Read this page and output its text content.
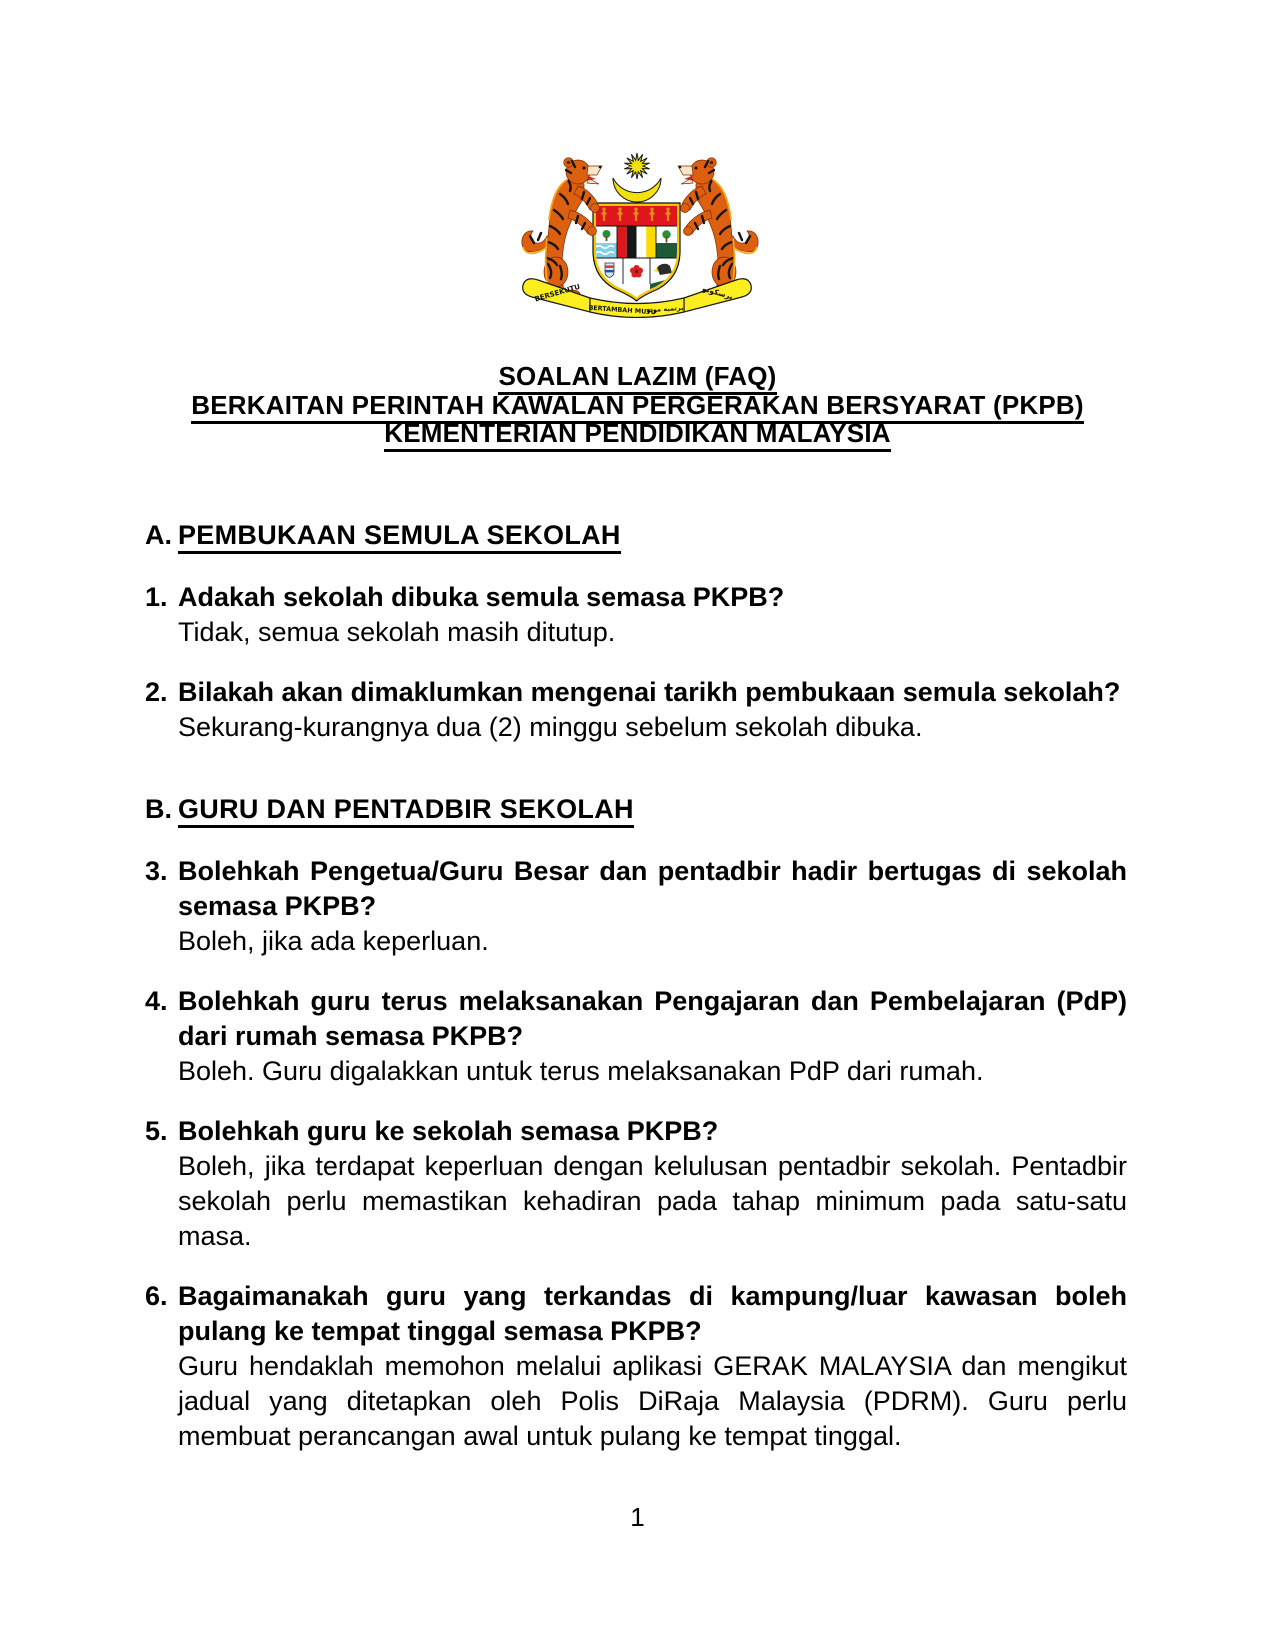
BERSEKUTU	برسکوتو
BERTAMBAH MUTU
برتمبه موتو
SOALAN LAZIM (FAQ)
BERKAITAN PERINTAH KAWALAN PERGERAKAN BERSYARAT (PKPB)
KEMENTERIAN PENDIDIKAN MALAYSIA
A. PEMBUKAAN SEMULA SEKOLAH
1. Adakah sekolah dibuka semula semasa PKPB?
Tidak, semua sekolah masih ditutup.
2. Bilakah akan dimaklumkan mengenai tarikh pembukaan semula sekolah?
Sekurang-kurangnya dua (2) minggu sebelum sekolah dibuka.
B. GURU DAN PENTADBIR SEKOLAH
3. Bolehkah Pengetua/Guru Besar dan pentadbir hadir bertugas di sekolah semasa PKPB?
Boleh, jika ada keperluan.
4. Bolehkah guru terus melaksanakan Pengajaran dan Pembelajaran (PdP) dari rumah semasa PKPB?
Boleh. Guru digalakkan untuk terus melaksanakan PdP dari rumah.
5. Bolehkah guru ke sekolah semasa PKPB?
Boleh, jika terdapat keperluan dengan kelulusan pentadbir sekolah. Pentadbir sekolah perlu memastikan kehadiran pada tahap minimum pada satu-satu masa.
6. Bagaimanakah guru yang terkandas di kampung/luar kawasan boleh pulang ke tempat tinggal semasa PKPB?
Guru hendaklah memohon melalui aplikasi GERAK MALAYSIA dan mengikut jadual yang ditetapkan oleh Polis DiRaja Malaysia (PDRM). Guru perlu membuat perancangan awal untuk pulang ke tempat tinggal.
1
